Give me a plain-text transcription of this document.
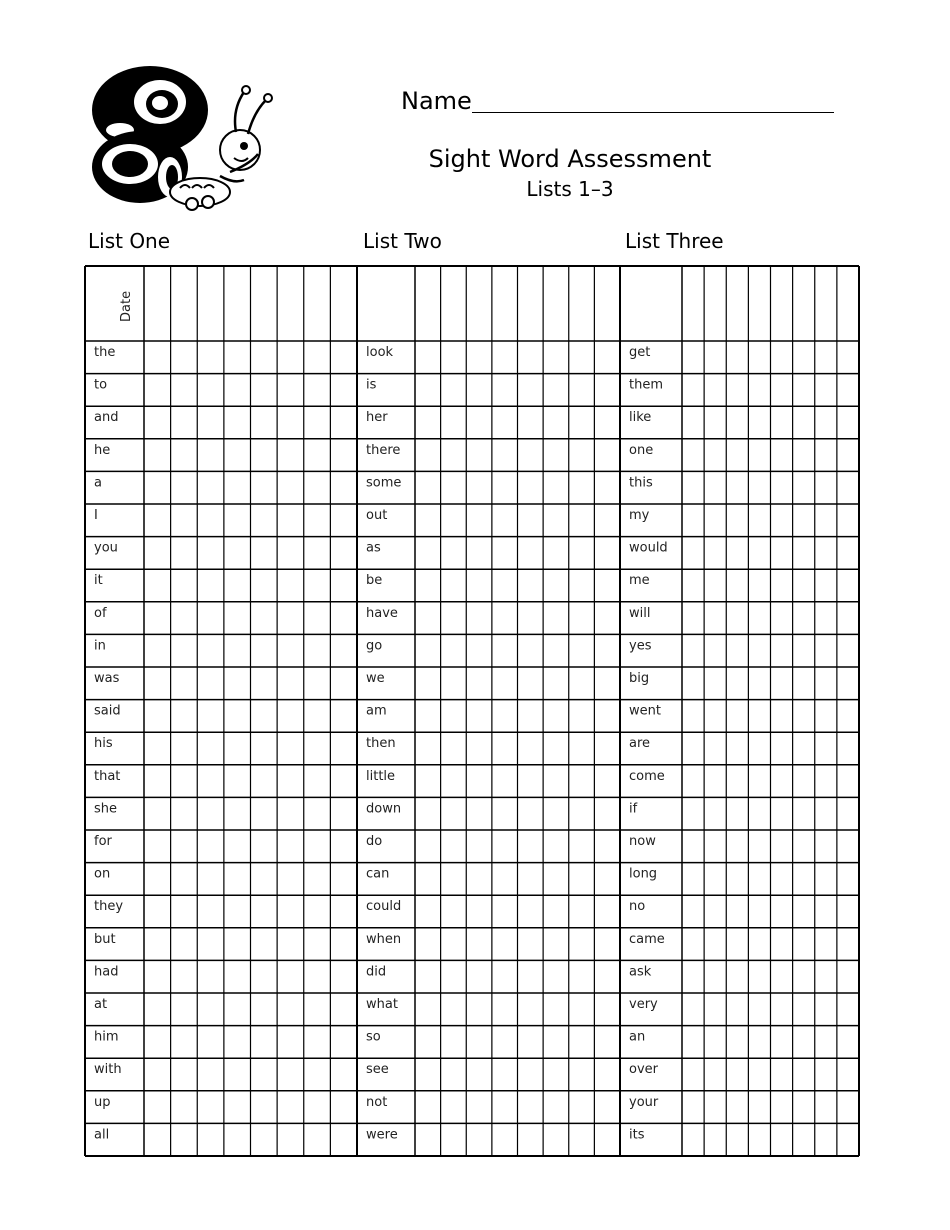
Name
Sight Word Assessment
Lists 1–3
List One	List Two	List Three
the
to
and
he
a
I
you
it
of
in
was
said
his
that
she
for
on
they
but
had
at
him
with
up
all
look
is
her
there
some
out
as
be
have
go
we
am
then
little
down
do
can
could
when
did
what
so
see
not
were
get
them
like
one
this
my
would
me
will
yes
big
went
are
come
if
now
long
no
came
ask
very
an
over
your
its
Date
